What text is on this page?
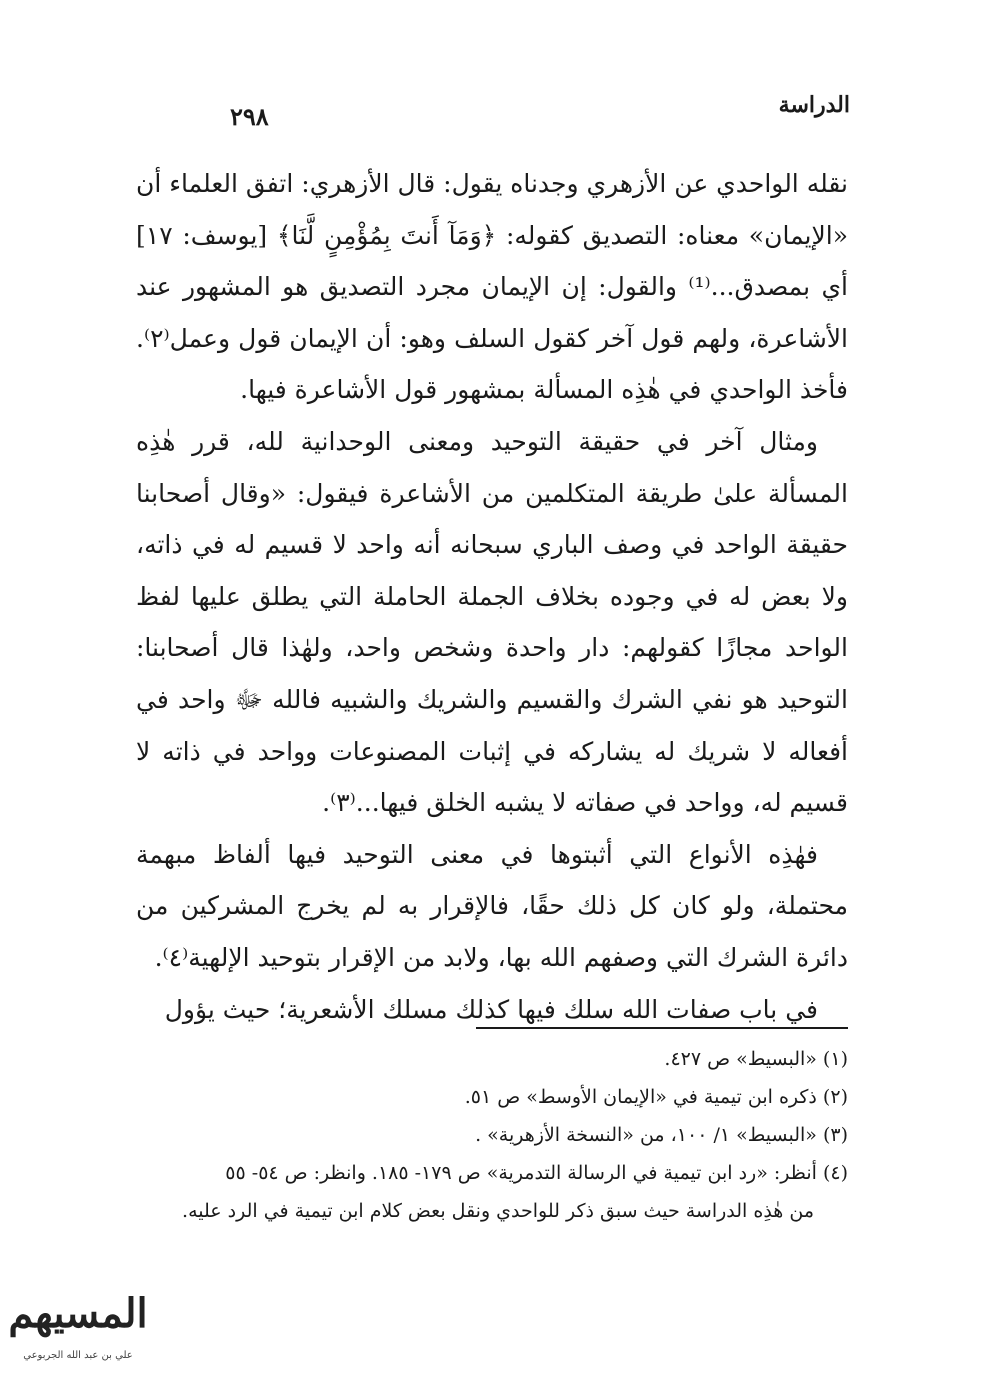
الدراسة
٢٩٨

نقله الواحدي عن الأزهري وجدناه يقول: قال الأزهري: اتفق العلماء أن «الإيمان» معناه: التصديق كقوله: ﴿وَمَآ أَنتَ بِمُؤْمِنٍ لَّنَا﴾ [يوسف: ١٧] أي بمصدق...⁽¹⁾ والقول: إن الإيمان مجرد التصديق هو المشهور عند الأشاعرة، ولهم قول آخر كقول السلف وهو: أن الإيمان قول وعمل⁽٢⁾. فأخذ الواحدي في هٰذِه المسألة بمشهور قول الأشاعرة فيها.

ومثال آخر في حقيقة التوحيد ومعنى الوحدانية لله، قرر هٰذِه المسألة علىٰ طريقة المتكلمين من الأشاعرة فيقول: «وقال أصحابنا حقيقة الواحد في وصف الباري سبحانه أنه واحد لا قسيم له في ذاته، ولا بعض له في وجوده بخلاف الجملة الحاملة التي يطلق عليها لفظ الواحد مجازًا كقولهم: دار واحدة وشخص واحد، ولهٰذا قال أصحابنا: التوحيد هو نفي الشرك والقسيم والشريك والشبيه فالله ﷻ واحد في أفعاله لا شريك له يشاركه في إثبات المصنوعات وواحد في ذاته لا قسيم له، وواحد في صفاته لا يشبه الخلق فيها...⁽٣⁾.

فهٰذِه الأنواع التي أثبتوها في معنى التوحيد فيها ألفاظ مبهمة محتملة، ولو كان كل ذلك حقًا، فالإقرار به لم يخرج المشركين من دائرة الشرك التي وصفهم الله بها، ولابد من الإقرار بتوحيد الإلهية⁽٤⁾.

في باب صفات الله سلك فيها كذلك مسلك الأشعرية؛ حيث يؤول

(١) «البسيط» ص ٤٢٧.

(٢) ذكره ابن تيمية في «الإيمان الأوسط» ص ٥١.

(٣) «البسيط» ١/ ١٠٠، من «النسخة الأزهرية» .

(٤) أنظر: «رد ابن تيمية في الرسالة التدمرية» ص ١٧٩- ١٨٥. وانظر: ص ٥٤- ٥٥

من هٰذِه الدراسة حيث سبق ذكر للواحدي ونقل بعض كلام ابن تيمية في الرد عليه.

المسيهم
علي بن عبد الله الجربوعي
